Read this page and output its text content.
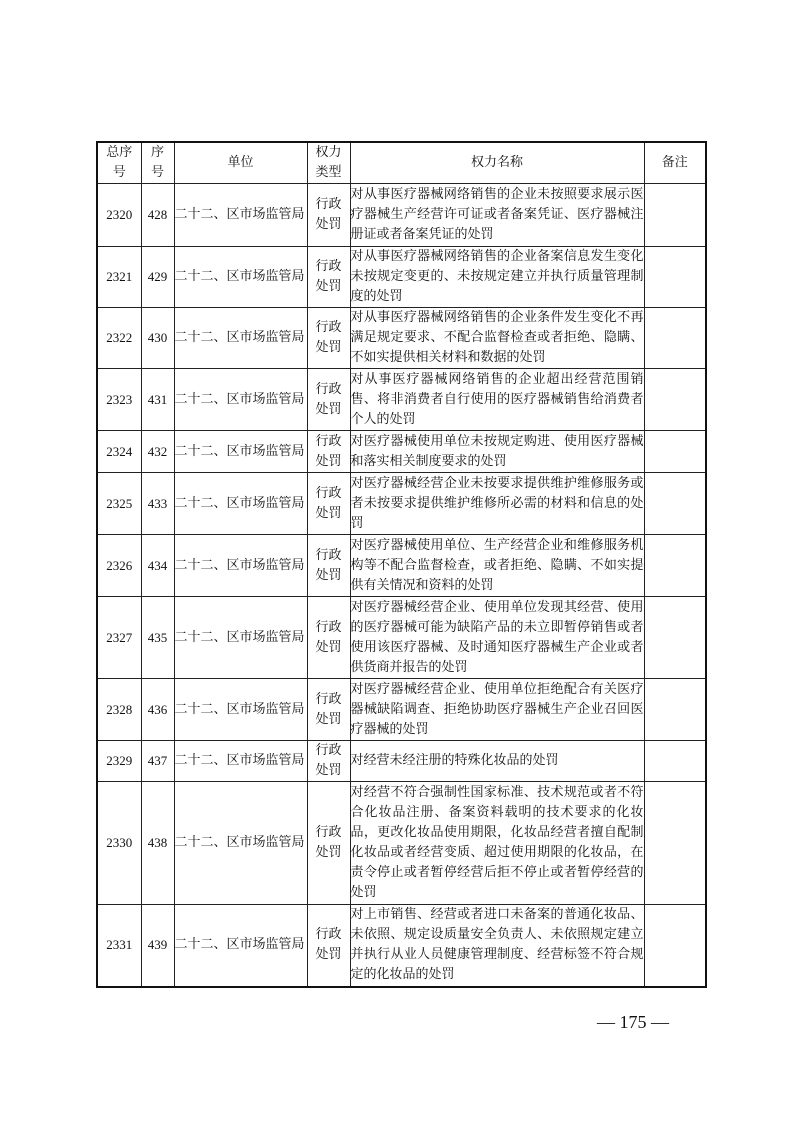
总序号	序号	单位	权力类型	权力名称	备注
2320	428	二十二、区市场监管局	行政处罚	对从事医疗器械网络销售的企业未按照要求展示医疗器械生产经营许可证或者备案凭证、医疗器械注册证或者备案凭证的处罚	
2321	429	二十二、区市场监管局	行政处罚	对从事医疗器械网络销售的企业备案信息发生变化未按规定变更的、未按规定建立并执行质量管理制度的处罚	
2322	430	二十二、区市场监管局	行政处罚	对从事医疗器械网络销售的企业条件发生变化不再满足规定要求、不配合监督检查或者拒绝、隐瞒、不如实提供相关材料和数据的处罚	
2323	431	二十二、区市场监管局	行政处罚	对从事医疗器械网络销售的企业超出经营范围销售、将非消费者自行使用的医疗器械销售给消费者个人的处罚	
2324	432	二十二、区市场监管局	行政处罚	对医疗器械使用单位未按规定购进、使用医疗器械和落实相关制度要求的处罚	
2325	433	二十二、区市场监管局	行政处罚	对医疗器械经营企业未按要求提供维护维修服务或者未按要求提供维护维修所必需的材料和信息的处罚	
2326	434	二十二、区市场监管局	行政处罚	对医疗器械使用单位、生产经营企业和维修服务机构等不配合监督检查，或者拒绝、隐瞒、不如实提供有关情况和资料的处罚	
2327	435	二十二、区市场监管局	行政处罚	对医疗器械经营企业、使用单位发现其经营、使用的医疗器械可能为缺陷产品的未立即暂停销售或者使用该医疗器械、及时通知医疗器械生产企业或者供货商并报告的处罚	
2328	436	二十二、区市场监管局	行政处罚	对医疗器械经营企业、使用单位拒绝配合有关医疗器械缺陷调查、拒绝协助医疗器械生产企业召回医疗器械的处罚	
2329	437	二十二、区市场监管局	行政处罚	对经营未经注册的特殊化妆品的处罚	
2330	438	二十二、区市场监管局	行政处罚	对经营不符合强制性国家标准、技术规范或者不符合化妆品注册、备案资料载明的技术要求的化妆品，更改化妆品使用期限，化妆品经营者擅自配制化妆品或者经营变质、超过使用期限的化妆品，在责令停止或者暂停经营后拒不停止或者暂停经营的处罚	
2331	439	二十二、区市场监管局	行政处罚	对上市销售、经营或者进口未备案的普通化妆品、未依照、规定设质量安全负责人、未依照规定建立并执行从业人员健康管理制度、经营标签不符合规定的化妆品的处罚	
— 175 —
